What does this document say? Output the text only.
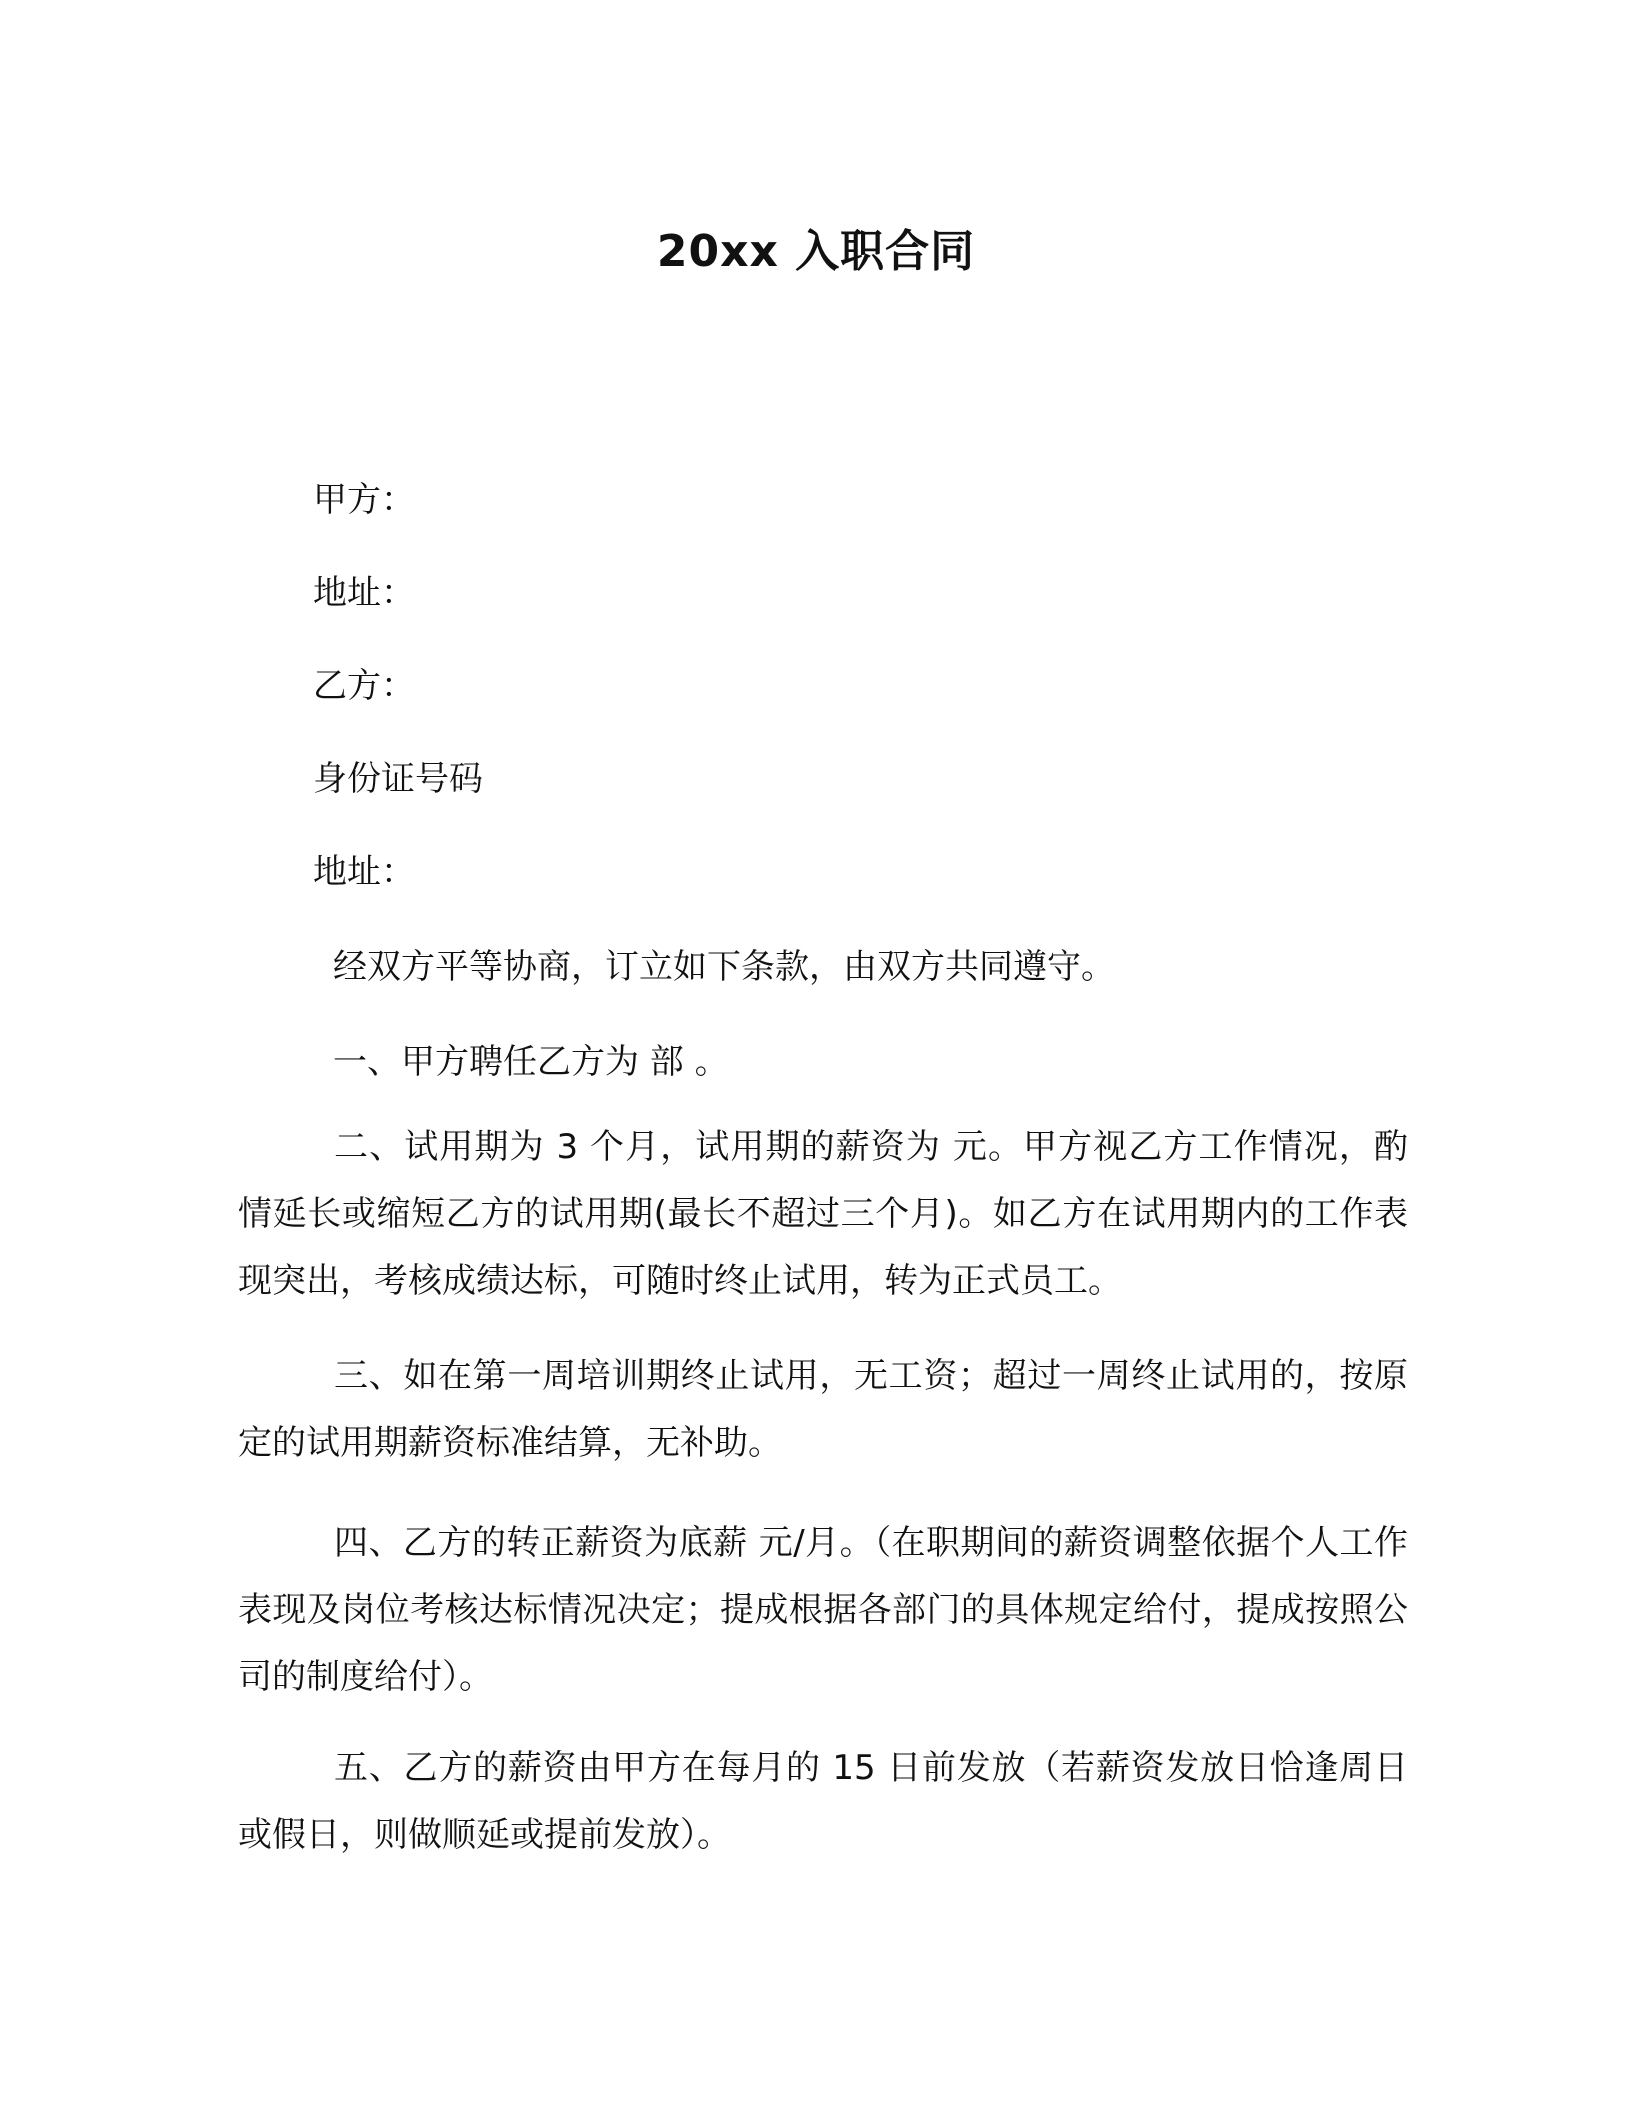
20xx 入职合同
甲方：
地址：
乙方：
身份证号码
地址：
经双方平等协商，订立如下条款，由双方共同遵守。
一、甲方聘任乙方为 部 。
二、试用期为 3 个月，试用期的薪资为 元。甲方视乙方工作情况，酌情延长或缩短乙方的试用期(最长不超过三个月)。如乙方在试用期内的工作表现突出，考核成绩达标，可随时终止试用，转为正式员工。
三、如在第一周培训期终止试用，无工资；超过一周终止试用的，按原定的试用期薪资标准结算，无补助。
四、乙方的转正薪资为底薪 元/月。（在职期间的薪资调整依据个人工作表现及岗位考核达标情况决定；提成根据各部门的具体规定给付，提成按照公司的制度给付）。
五、乙方的薪资由甲方在每月的 15 日前发放（若薪资发放日恰逢周日或假日，则做顺延或提前发放）。
